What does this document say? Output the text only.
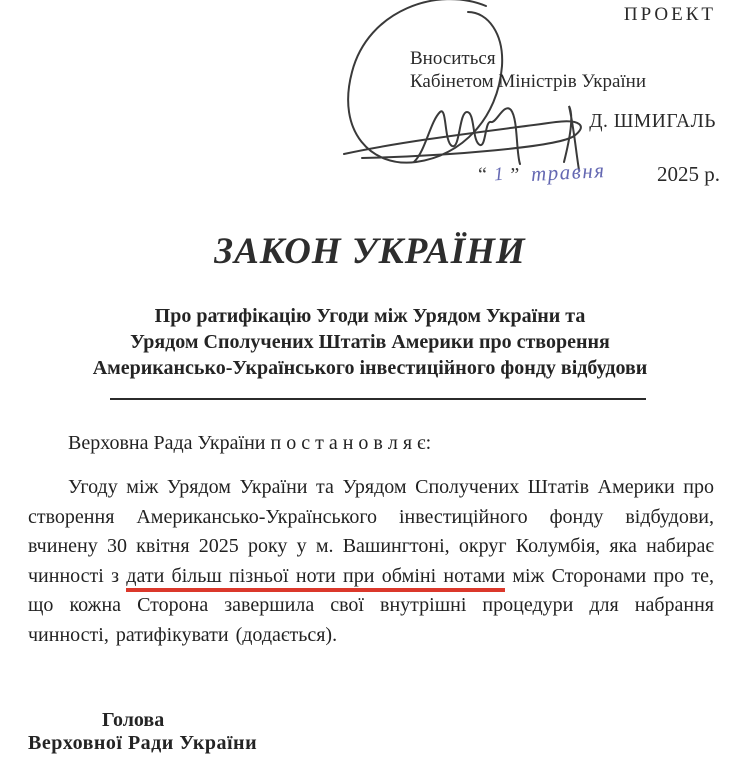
ПРОЕКТ
Вноситься
Кабінетом Міністрів України
Д. ШМИГАЛЬ
“ 1 ” травня 2025 р.
ЗАКОН УКРАЇНИ
Про ратифікацію Угоди між Урядом України та
Урядом Сполучених Штатів Америки про створення
Американсько-Українського інвестиційного фонду відбудови

Верховна Рада України п о с т а н о в л я є:

Угоду між Урядом України та Урядом Сполучених Штатів Америки про створення Американсько-Українського інвестиційного фонду відбудови, вчинену 30 квітня 2025 року у м. Вашингтоні, округ Колумбія, яка набирає чинності з дати більш пізньої ноти при обміні нотами між Сторонами про те, що кожна Сторона завершила свої внутрішні процедури для набрання чинності, ратифікувати (додається).

Голова
Верховної Ради України
